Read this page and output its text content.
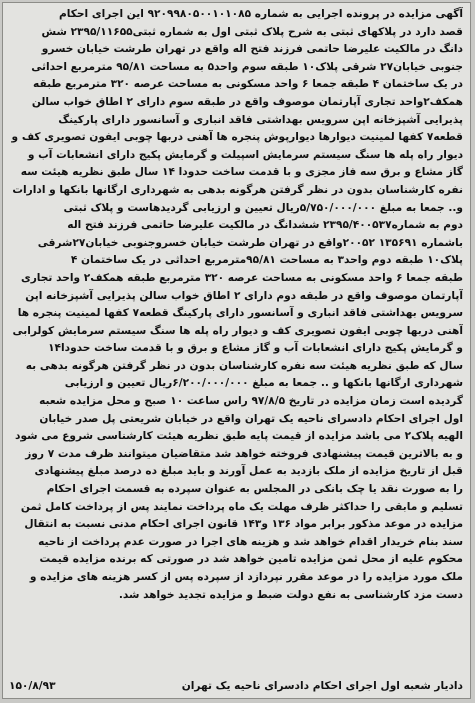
آگهی مزایده در پرونده اجرایی به شماره ۹۲۰۹۹۸۰۵۰۰۱۰۱۰۸۵ این اجرای احکام
قصد دارد در پلاکهای ثبتی به شرح پلاک ثبتی اول به شماره ثبتی۲۳۹۵/۱۱۶۵۵ شش
دانگ در مالکیت علیرضا حاتمی فرزند فتح اله واقع در تهران طرشت خیابان خسرو
جنوبی خیابان۲۷ شرقی پلاک۱۰ طبقه سوم واحد۵ به مساحت ۹۵/۸۱ مترمربع احداثی
در یک ساختمان ۴ طبقه جمعا ۶ واحد مسکونی به مساحت عرصه ۳۲۰ مترمربع طبقه
همکف۲واحد تجاری آپارتمان موصوف واقع در طبقه سوم دارای ۲ اطاق خواب سالن
پذیرایی آشپزخانه اپن سرویس بهداشتی فاقد انباری و آسانسور دارای پارکینگ
قطعه۷ کفها لمینیت دیوارها دیوارپوش پنجره ها آهنی دربها چوبی ایفون تصویری کف و
دیوار راه پله ها سنگ سیستم سرمایش اسپیلت و گرمایش پکیج دارای انشعابات آب و
گاز مشاع و برق سه فاز مجزی و با قدمت ساخت حدودا ۱۴ سال طبق نظریه هیئت سه
نفره کارشناسان بدون در نظر گرفتن هرگونه بدهی به شهرداری ارگانها بانکها و ادارات
و.. جمعا به مبلغ ۵/۷۵۰/۰۰۰/۰۰۰ریال تعیین و ارزیابی گردیدهاست و پلاک ثبتی
دوم به شماره۲۳۹۵/۴۰۰۵۳۷ ششدانگ در مالکیت علیرضا حاتمی فرزند فتح اله
باشماره ۱۳۵۶۹۱ ۲۰۰۵۲واقع در تهران طرشت خیابان خسروجنوبی خیابان۲۷شرقی
پلاک۱۰ طبقه دوم واحد۳ به مساحت ۹۵/۸۱مترمربع احداثی در یک ساختمان ۴
طبقه جمعا ۶ واحد مسکونی به مساحت عرصه ۳۲۰ مترمربع طبقه همکف۲ واحد تجاری
آپارتمان موصوف واقع در طبقه دوم دارای ۲ اطاق خواب سالن پذیرایی آشپزخانه اپن
سرویس بهداشتی فاقد انباری و آسانسور دارای پارکینگ قطعه۷ کفها لمینیت پنجره ها
آهنی دربها چوبی ایفون تصویری کف و دیوار راه پله ها سنگ سیستم سرمایش کولرابی
و گرمایش پکیج دارای انشعابات آب و گاز مشاع و برق و با قدمت ساخت حدودا۱۴
سال که طبق نظریه هیئت سه نفره کارشناسان بدون در نظر گرفتن هرگونه بدهی به
شهرداری ارگانها بانکها و .. جمعا به مبلغ ۶/۲۰۰/۰۰۰/۰۰۰ریال تعیین و ارزیابی
گردیده است زمان مزایده در تاریخ ۹۷/۸/۵ راس ساعت ۱۰ صبح و محل مزایده شعبه
اول اجرای احکام دادسرای ناحیه یک تهران واقع در خیابان شریعتی پل صدر خیابان
الهیه پلاک۲ می باشد مزایده از قیمت پایه طبق نظریه هیئت کارشناسی شروع می شود
و به بالاترین قیمت پیشنهادی فروخته خواهد شد متقاضیان میتوانند ظرف مدت ۷ روز
قبل از تاریخ مزایده از ملک بازدید به عمل آورند و باید مبلغ ده درصد مبلغ پیشنهادی
را به صورت نقد یا چک بانکی در المجلس به عنوان سپرده به قسمت اجرای احکام
تسلیم و مابقی را حداکثر ظرف مهلت یک ماه پرداخت نمایند پس از پرداخت کامل ثمن
مزایده در موعد مذکور برابر مواد ۱۳۶ و۱۴۳ قانون اجرای احکام مدنی نسبت به انتقال
سند بنام خریدار اقدام خواهد شد و هزینه های اجرا در صورت عدم پرداخت از ناحیه
محکوم علیه از محل ثمن مزایده تامین خواهد شد در صورتی که برنده مزایده قیمت
ملک مورد مزایده را در موعد مقرر نپردازد از سپرده پس از کسر هزینه های مزایده و
دست مزد کارشناسی به نفع دولت ضبط و مزایده تجدید خواهد شد.
دادیار شعبه اول اجرای احکام دادسرای ناحیه یک تهران
۱۵۰/۸/۹۳
